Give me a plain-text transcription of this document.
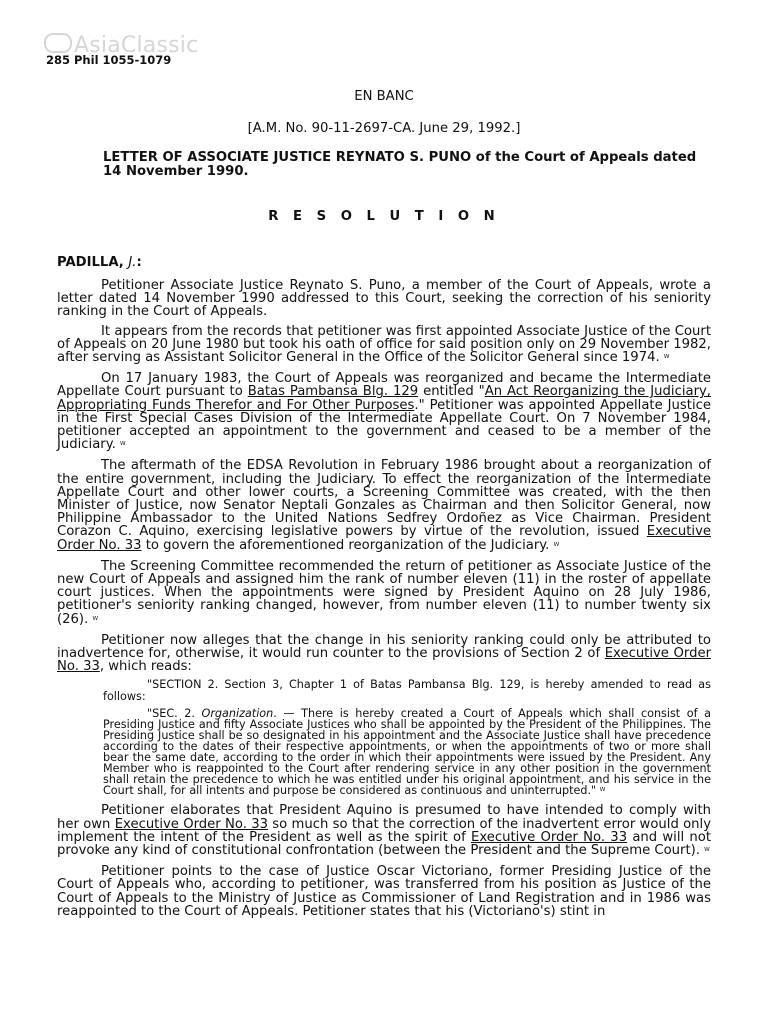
AsiaClassic
285 Phil 1055-1079
EN BANC
[A.M. No. 90-11-2697-CA. June 29, 1992.]
LETTER OF ASSOCIATE JUSTICE REYNATO S. PUNO of the Court of Appeals dated 14 November 1990.
R E S O L U T I O N
PADILLA, J.:

Petitioner Associate Justice Reynato S. Puno, a member of the Court of Appeals, wrote a letter dated 14 November 1990 addressed to this Court, seeking the correction of his seniority ranking in the Court of Appeals.

It appears from the records that petitioner was first appointed Associate Justice of the Court of Appeals on 20 June 1980 but took his oath of office for said position only on 29 November 1982, after serving as Assistant Solicitor General in the Office of the Solicitor General since 1974. ᵂ

On 17 January 1983, the Court of Appeals was reorganized and became the Intermediate Appellate Court pursuant to Batas Pambansa Blg. 129 entitled "An Act Reorganizing the Judiciary, Appropriating Funds Therefor and For Other Purposes." Petitioner was appointed Appellate Justice in the First Special Cases Division of the Intermediate Appellate Court. On 7 November 1984, petitioner accepted an appointment to the government and ceased to be a member of the Judiciary. ᵂ

The aftermath of the EDSA Revolution in February 1986 brought about a reorganization of the entire government, including the Judiciary. To effect the reorganization of the Intermediate Appellate Court and other lower courts, a Screening Committee was created, with the then Minister of Justice, now Senator Neptali Gonzales as Chairman and then Solicitor General, now Philippine Ambassador to the United Nations Sedfrey Ordoñez as Vice Chairman. President Corazon C. Aquino, exercising legislative powers by virtue of the revolution, issued Executive Order No. 33 to govern the aforementioned reorganization of the Judiciary. ᵂ

The Screening Committee recommended the return of petitioner as Associate Justice of the new Court of Appeals and assigned him the rank of number eleven (11) in the roster of appellate court justices. When the appointments were signed by President Aquino on 28 July 1986, petitioner's seniority ranking changed, however, from number eleven (11) to number twenty six (26). ᵂ

Petitioner now alleges that the change in his seniority ranking could only be attributed to inadvertence for, otherwise, it would run counter to the provisions of Section 2 of Executive Order No. 33, which reads:

"SECTION 2. Section 3, Chapter 1 of Batas Pambansa Blg. 129, is hereby amended to read as follows:

"SEC. 2. Organization. — There is hereby created a Court of Appeals which shall consist of a Presiding Justice and fifty Associate Justices who shall be appointed by the President of the Philippines. The Presiding Justice shall be so designated in his appointment and the Associate Justice shall have precedence according to the dates of their respective appointments, or when the appointments of two or more shall bear the same date, according to the order in which their appointments were issued by the President. Any Member who is reappointed to the Court after rendering service in any other position in the government shall retain the precedence to which he was entitled under his original appointment, and his service in the Court shall, for all intents and purpose be considered as continuous and uninterrupted." ᵂ

Petitioner elaborates that President Aquino is presumed to have intended to comply with her own Executive Order No. 33 so much so that the correction of the inadvertent error would only implement the intent of the President as well as the spirit of Executive Order No. 33 and will not provoke any kind of constitutional confrontation (between the President and the Supreme Court). ᵂ

Petitioner points to the case of Justice Oscar Victoriano, former Presiding Justice of the Court of Appeals who, according to petitioner, was transferred from his position as Justice of the Court of Appeals to the Ministry of Justice as Commissioner of Land Registration and in 1986 was reappointed to the Court of Appeals. Petitioner states that his (Victoriano's) stint in
